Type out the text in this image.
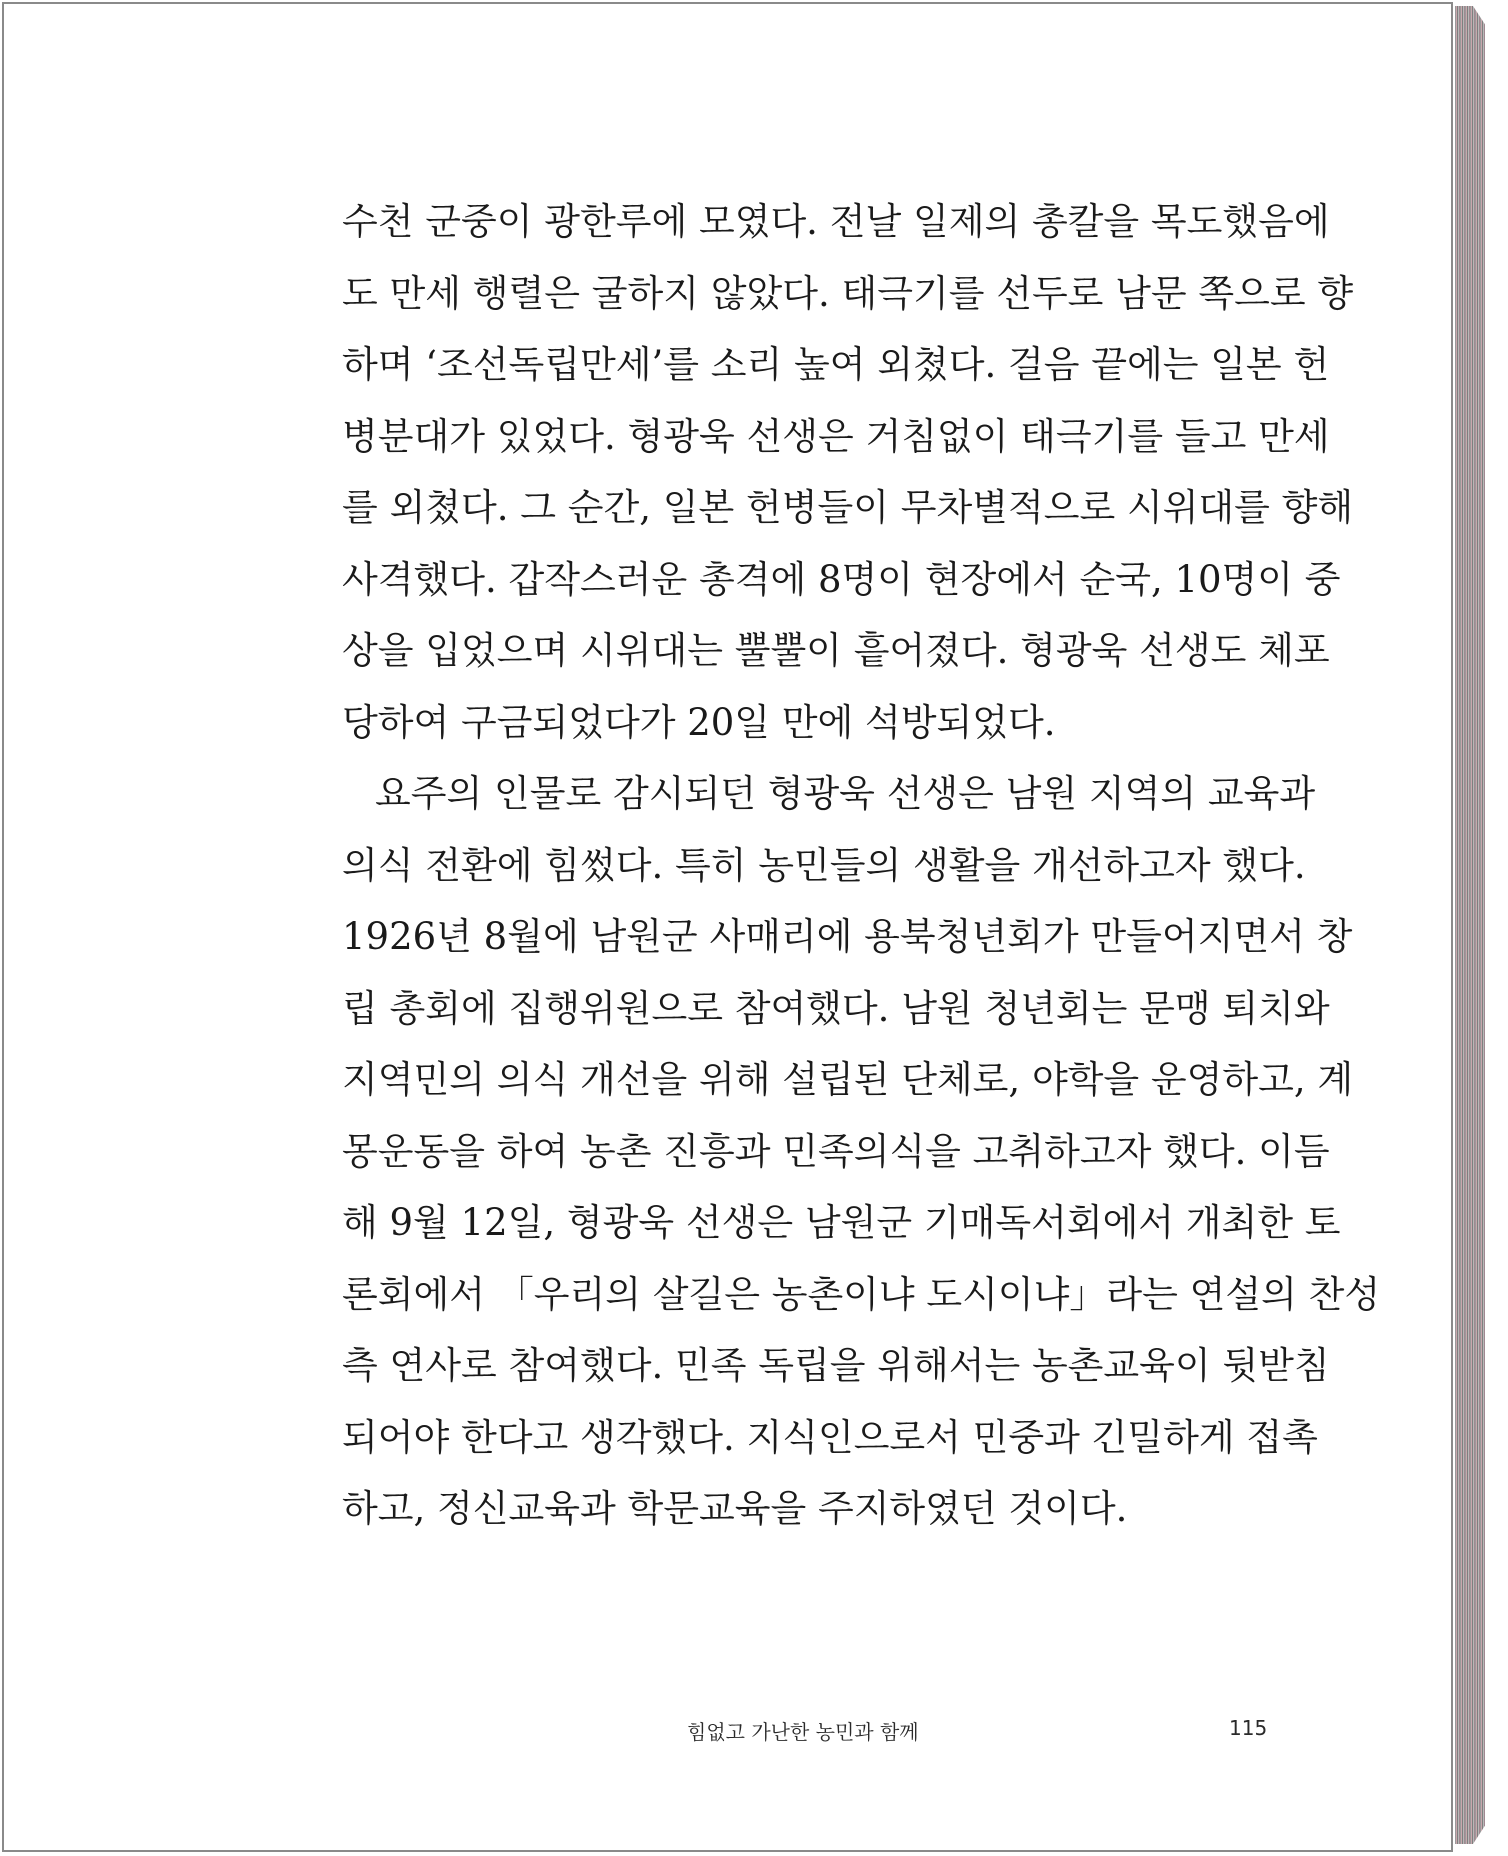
수천 군중이 광한루에 모였다. 전날 일제의 총칼을 목도했음에
도 만세 행렬은 굴하지 않았다. 태극기를 선두로 남문 쪽으로 향
하며 ‘조선독립만세’를 소리 높여 외쳤다. 걸음 끝에는 일본 헌
병분대가 있었다. 형광욱 선생은 거침없이 태극기를 들고 만세
를 외쳤다. 그 순간, 일본 헌병들이 무차별적으로 시위대를 향해
사격했다. 갑작스러운 총격에 8명이 현장에서 순국, 10명이 중
상을 입었으며 시위대는 뿔뿔이 흩어졌다. 형광욱 선생도 체포
당하여 구금되었다가 20일 만에 석방되었다.
요주의 인물로 감시되던 형광욱 선생은 남원 지역의 교육과
의식 전환에 힘썼다. 특히 농민들의 생활을 개선하고자 했다.
1926년 8월에 남원군 사매리에 용북청년회가 만들어지면서 창
립 총회에 집행위원으로 참여했다. 남원 청년회는 문맹 퇴치와
지역민의 의식 개선을 위해 설립된 단체로, 야학을 운영하고, 계
몽운동을 하여 농촌 진흥과 민족의식을 고취하고자 했다. 이듬
해 9월 12일, 형광욱 선생은 남원군 기매독서회에서 개최한 토
론회에서 「우리의 살길은 농촌이냐 도시이냐」라는 연설의 찬성
측 연사로 참여했다. 민족 독립을 위해서는 농촌교육이 뒷받침
되어야 한다고 생각했다. 지식인으로서 민중과 긴밀하게 접촉
하고, 정신교육과 학문교육을 주지하였던 것이다.
힘없고 가난한 농민과 함께	115
